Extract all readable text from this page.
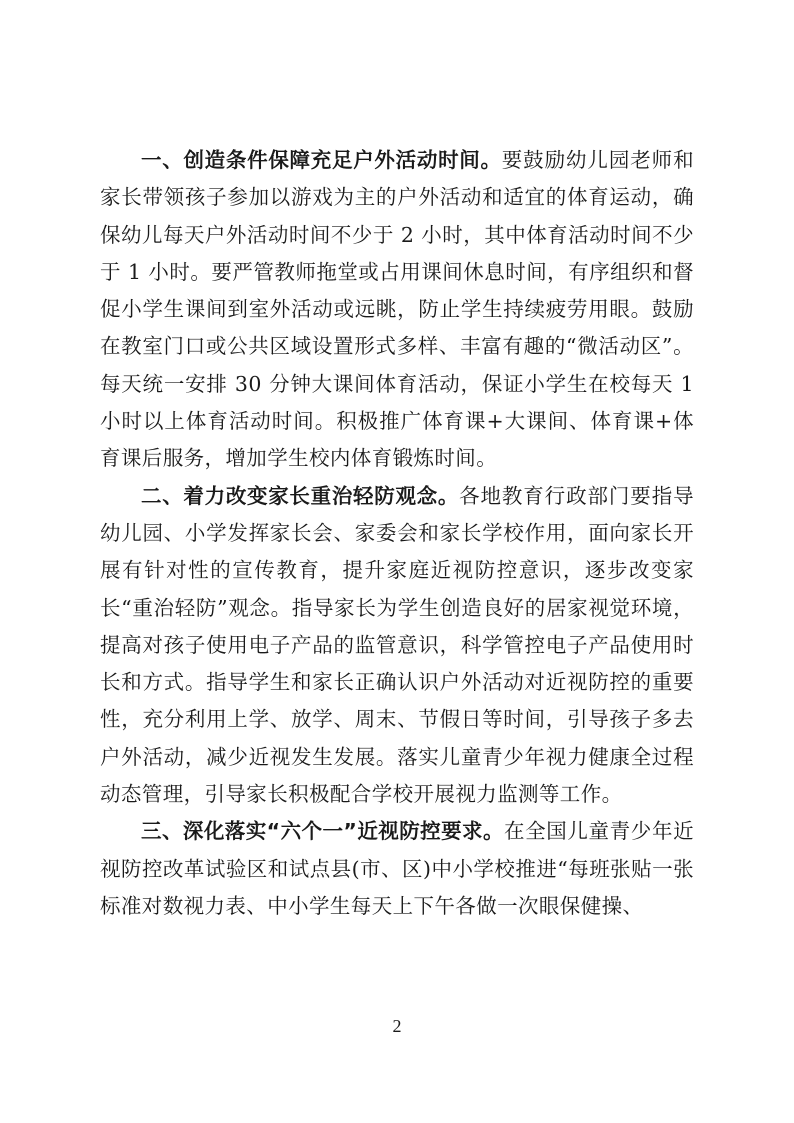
一、创造条件保障充足户外活动时间。要鼓励幼儿园老师和家长带领孩子参加以游戏为主的户外活动和适宜的体育运动，确保幼儿每天户外活动时间不少于 2 小时，其中体育活动时间不少于 1 小时。要严管教师拖堂或占用课间休息时间，有序组织和督促小学生课间到室外活动或远眺，防止学生持续疲劳用眼。鼓励在教室门口或公共区域设置形式多样、丰富有趣的“微活动区”。每天统一安排 30 分钟大课间体育活动，保证小学生在校每天 1 小时以上体育活动时间。积极推广体育课+大课间、体育课+体育课后服务，增加学生校内体育锻炼时间。

二、着力改变家长重治轻防观念。各地教育行政部门要指导幼儿园、小学发挥家长会、家委会和家长学校作用，面向家长开展有针对性的宣传教育，提升家庭近视防控意识，逐步改变家长“重治轻防”观念。指导家长为学生创造良好的居家视觉环境，提高对孩子使用电子产品的监管意识，科学管控电子产品使用时长和方式。指导学生和家长正确认识户外活动对近视防控的重要性，充分利用上学、放学、周末、节假日等时间，引导孩子多去户外活动，减少近视发生发展。落实儿童青少年视力健康全过程动态管理，引导家长积极配合学校开展视力监测等工作。

三、深化落实“六个一”近视防控要求。在全国儿童青少年近视防控改革试验区和试点县(市、区)中小学校推进“每班张贴一张标准对数视力表、中小学生每天上下午各做一次眼保健操、

2
